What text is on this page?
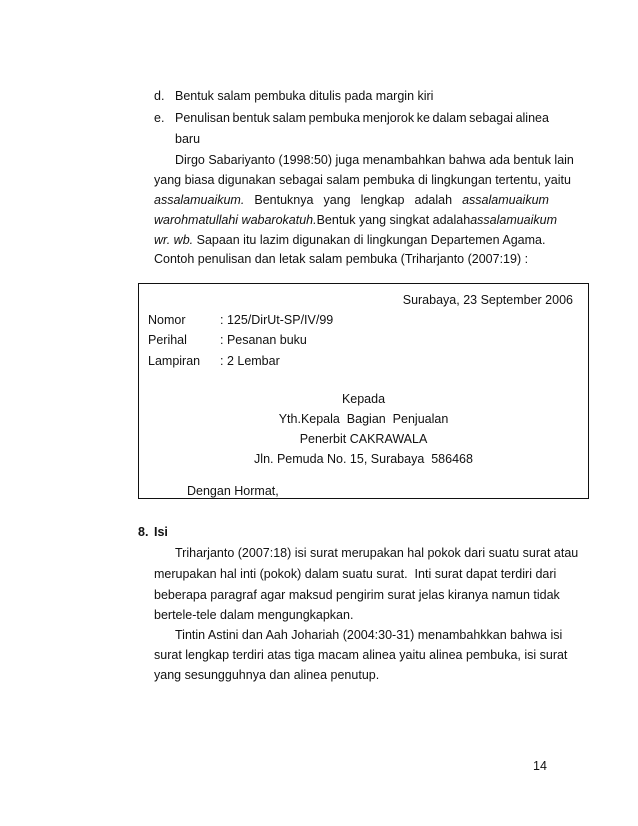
d. Bentuk salam pembuka ditulis pada margin kiri
e. Penulisan bentuk salam pembuka menjorok ke dalam sebagai alinea
baru
Dirgo Sabariyanto (1998:50) juga menambahkan bahwa ada bentuk lain
yang biasa digunakan sebagai salam pembuka di lingkungan tertentu, yaitu
assalamuaikum. Bentuknya yang lengkap adalah assalamuaikum
warohmatullahi wabarokatuh. Bentuk yang singkat adalah assalamuaikum
wr. wb. Sapaan itu lazim digunakan di lingkungan Departemen Agama.
Contoh penulisan dan letak salam pembuka (Triharjanto (2007:19) :
Surabaya, 23 September 2006
Nomor	: 125/DirUt-SP/IV/99
Perihal	: Pesanan buku
Lampiran : 2 Lembar
Kepada
Yth.Kepala  Bagian  Penjualan
Penerbit CAKRAWALA
Jln. Pemuda No. 15, Surabaya  586468
Dengan Hormat,
8. Isi
Triharjanto (2007:18) isi surat merupakan hal pokok dari suatu surat atau
merupakan hal inti (pokok) dalam suatu surat.  Inti surat dapat terdiri dari
beberapa paragraf agar maksud pengirim surat jelas kiranya namun tidak
bertele-tele dalam mengungkapkan.
Tintin Astini dan Aah Johariah (2004:30-31) menambahkkan bahwa isi
surat lengkap terdiri atas tiga macam alinea yaitu alinea pembuka, isi surat
yang sesungguhnya dan alinea penutup.
14
